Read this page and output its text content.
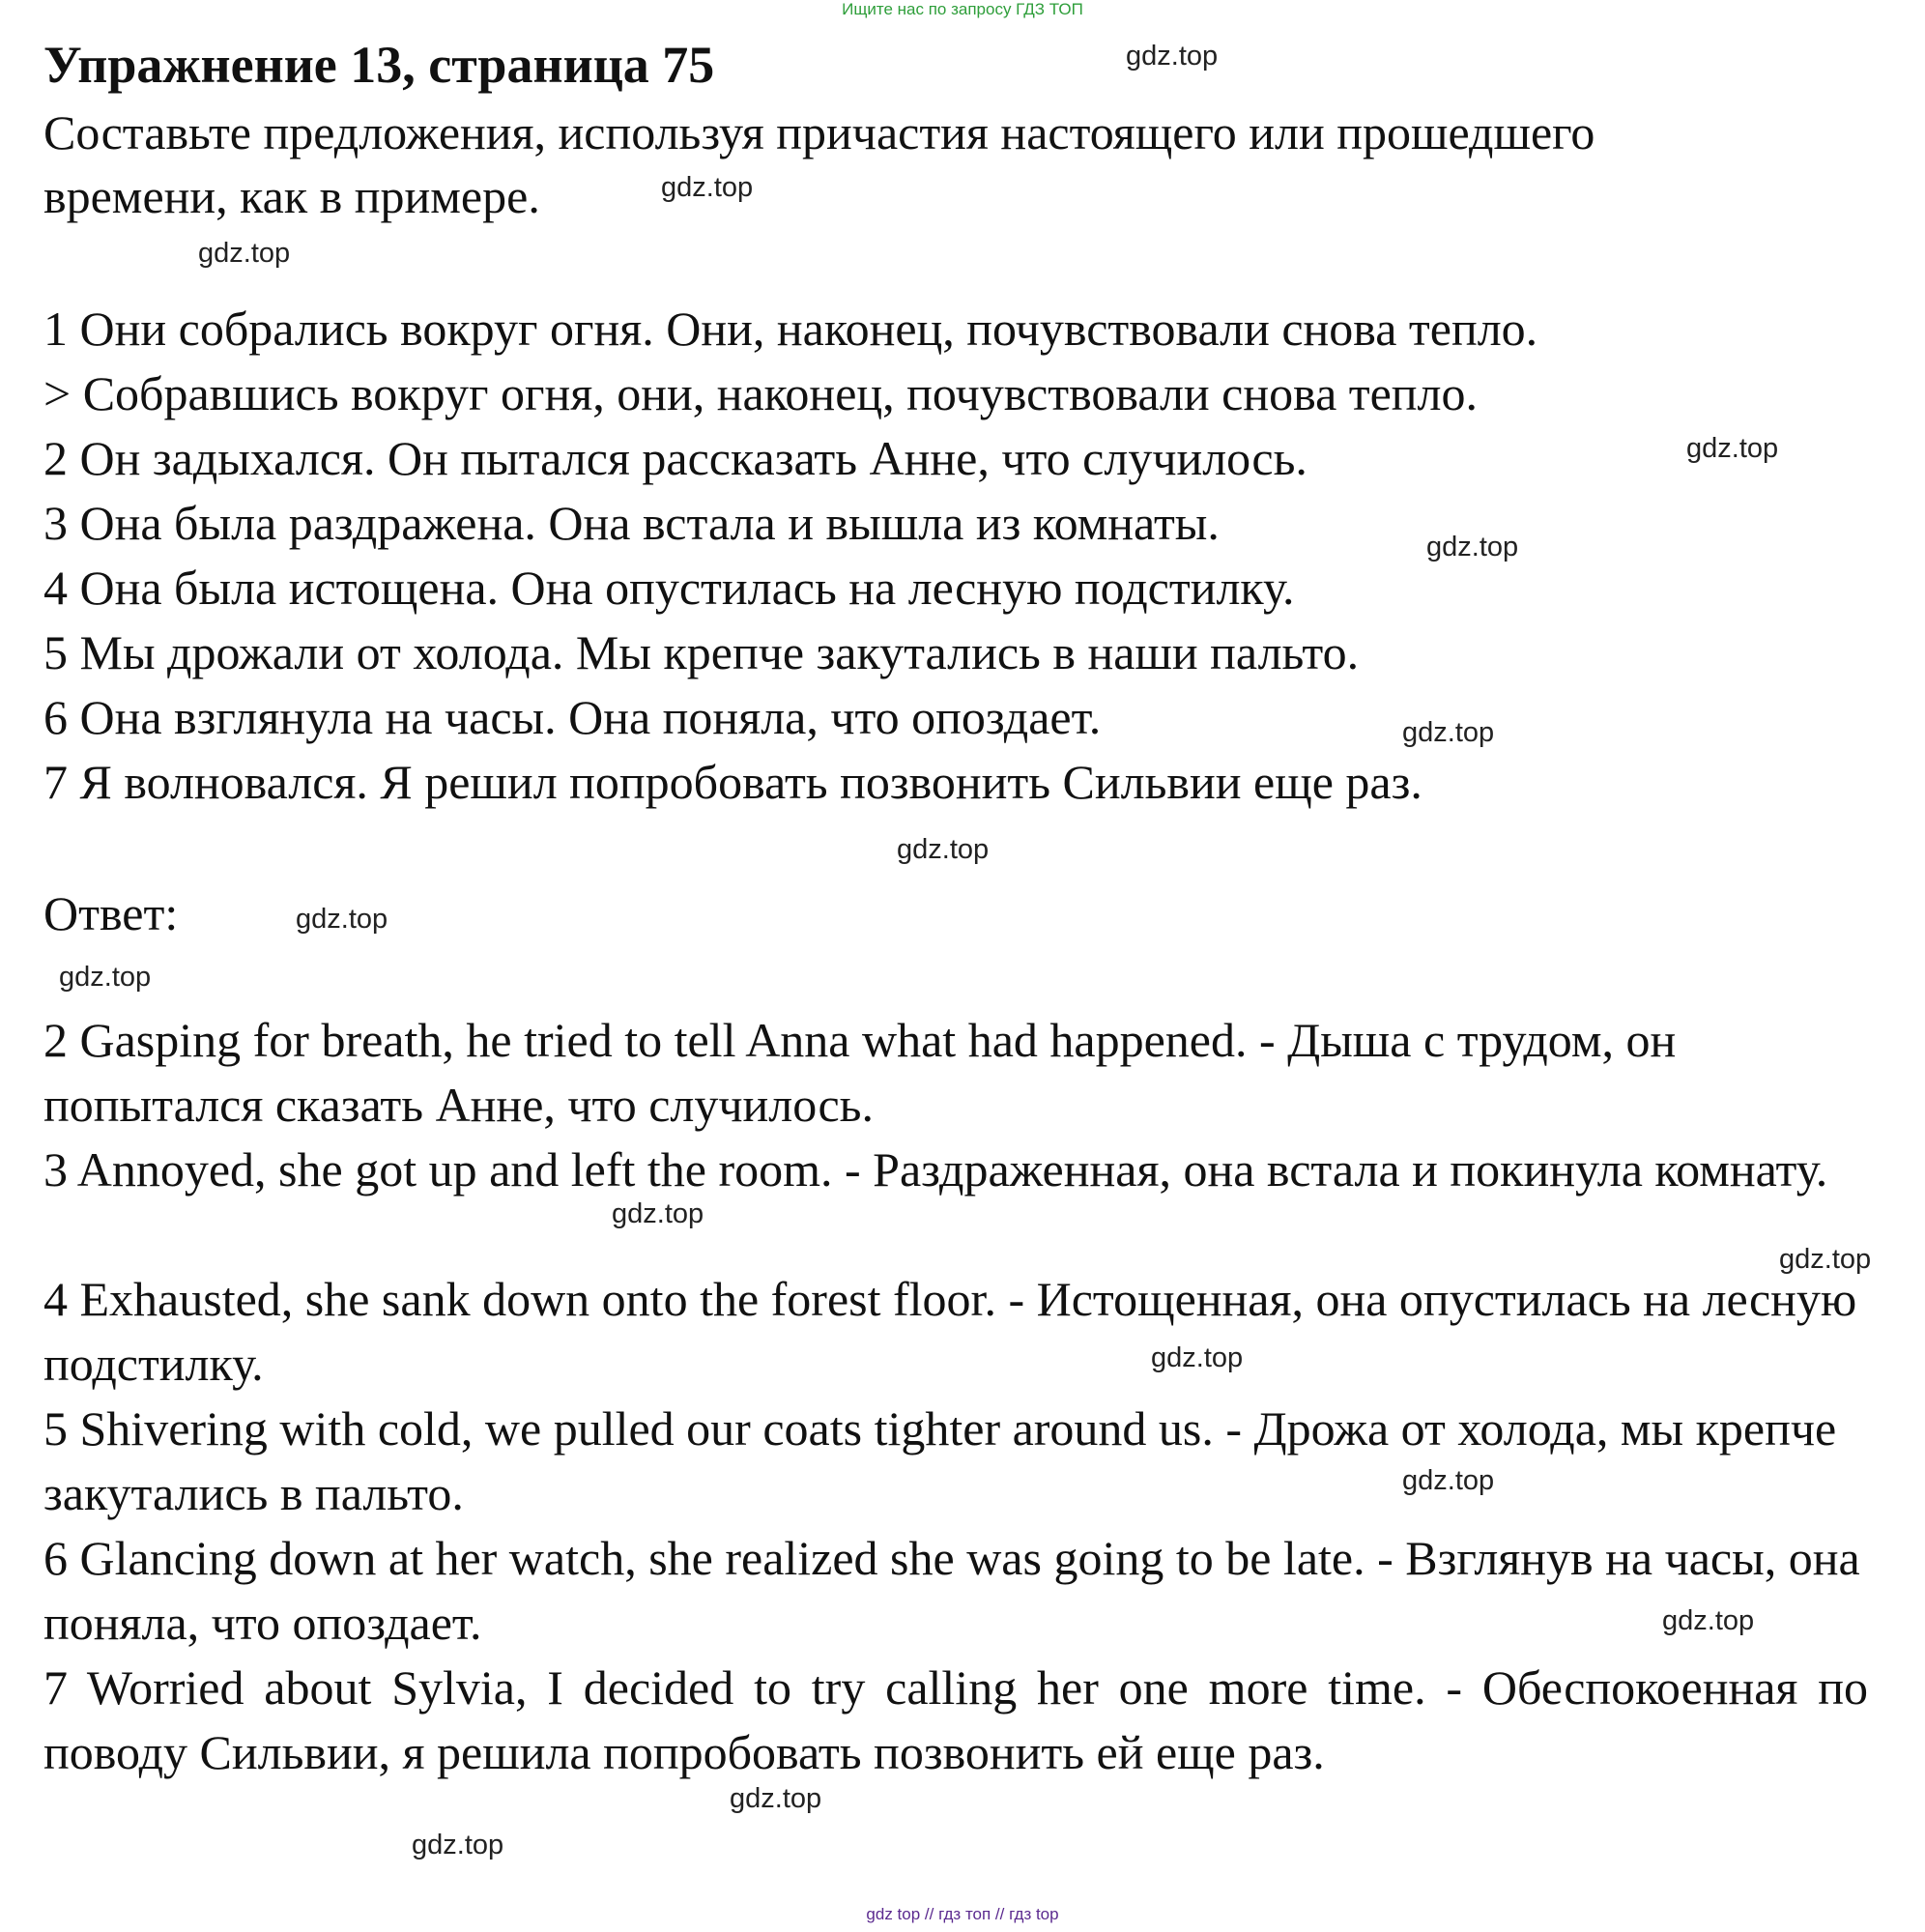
Ищите нас по запросу ГДЗ ТОП
Упражнение 13, страница 75
Составьте предложения, используя причастия настоящего или прошедшего
времени, как в примере.
1 Они собрались вокруг огня. Они, наконец, почувствовали снова тепло.
> Собравшись вокруг огня, они, наконец, почувствовали снова тепло.
2 Он задыхался. Он пытался рассказать Анне, что случилось.
3 Она была раздражена. Она встала и вышла из комнаты.
4 Она была истощена. Она опустилась на лесную подстилку.
5 Мы дрожали от холода. Мы крепче закутались в наши пальто.
6 Она взглянула на часы. Она поняла, что опоздает.
7 Я волновался. Я решил попробовать позвонить Сильвии еще раз.
Ответ:
2 Gasping for breath, he tried to tell Anna what had happened. - Дыша с трудом, он попытался сказать Анне, что случилось.
3 Annoyed, she got up and left the room. - Раздраженная, она встала и покинула комнату.
4 Exhausted, she sank down onto the forest floor. - Истощенная, она опустилась на лесную подстилку.
5 Shivering with cold, we pulled our coats tighter around us. - Дрожа от холода, мы крепче закутались в пальто.
6 Glancing down at her watch, she realized she was going to be late. - Взглянув на часы, она поняла, что опоздает.
7 Worried about Sylvia, I decided to try calling her one more time. - Обеспокоенная по поводу Сильвии, я решила попробовать позвонить ей еще раз.
gdz.top
gdz.top
gdz.top
gdz.top
gdz.top
gdz.top
gdz.top
gdz.top
gdz.top
gdz.top
gdz.top
gdz.top
gdz.top
gdz.top
gdz.top
gdz.top
gdz top // гдз топ // гдз top
